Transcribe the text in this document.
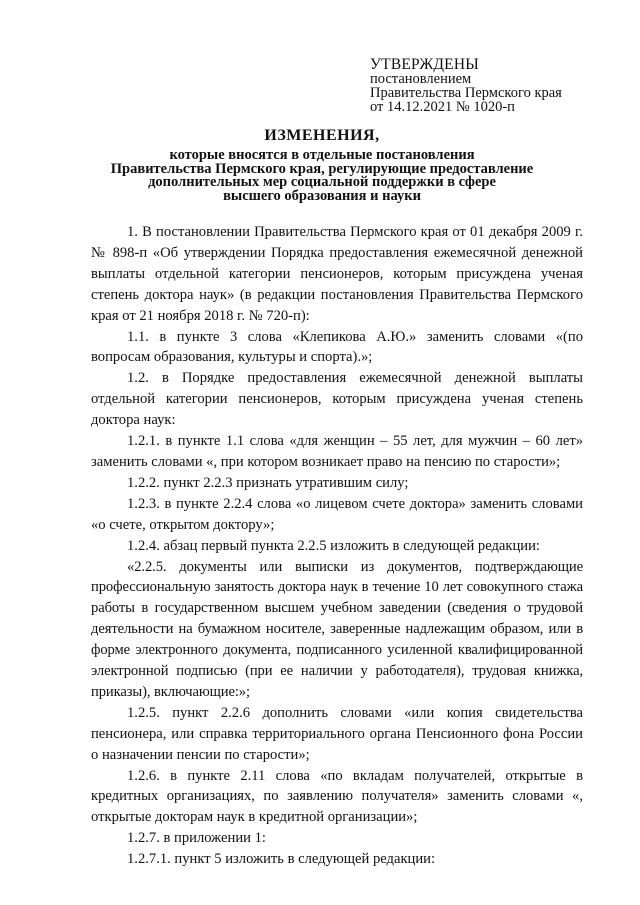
УТВЕРЖДЕНЫ
постановлением
Правительства Пермского края
от 14.12.2021 № 1020-п
ИЗМЕНЕНИЯ,
которые вносятся в отдельные постановления
Правительства Пермского края, регулирующие предоставление
дополнительных мер социальной поддержки в сфере
высшего образования и науки

1. В постановлении Правительства Пермского края от 01 декабря 2009 г. № 898-п «Об утверждении Порядка предоставления ежемесячной денежной выплаты отдельной категории пенсионеров, которым присуждена ученая степень доктора наук» (в редакции постановления Правительства Пермского края от 21 ноября 2018 г. № 720-п):

1.1. в пункте 3 слова «Клепикова А.Ю.» заменить словами «(по вопросам образования, культуры и спорта).»;

1.2. в Порядке предоставления ежемесячной денежной выплаты отдельной категории пенсионеров, которым присуждена ученая степень доктора наук:

1.2.1. в пункте 1.1 слова «для женщин – 55 лет, для мужчин – 60 лет» заменить словами «, при котором возникает право на пенсию по старости»;

1.2.2. пункт 2.2.3 признать утратившим силу;

1.2.3. в пункте 2.2.4 слова «о лицевом счете доктора» заменить словами «о счете, открытом доктору»;

1.2.4. абзац первый пункта 2.2.5 изложить в следующей редакции:

«2.2.5. документы или выписки из документов, подтверждающие профессиональную занятость доктора наук в течение 10 лет совокупного стажа работы в государственном высшем учебном заведении (сведения о трудовой деятельности на бумажном носителе, заверенные надлежащим образом, или в форме электронного документа, подписанного усиленной квалифицированной электронной подписью (при ее наличии у работодателя), трудовая книжка, приказы), включающие:»;

1.2.5. пункт 2.2.6 дополнить словами «или копия свидетельства пенсионера, или справка территориального органа Пенсионного фона России о назначении пенсии по старости»;

1.2.6. в пункте 2.11 слова «по вкладам получателей, открытые в кредитных организациях, по заявлению получателя» заменить словами «, открытые докторам наук в кредитной организации»;

1.2.7. в приложении 1:

1.2.7.1. пункт 5 изложить в следующей редакции:
